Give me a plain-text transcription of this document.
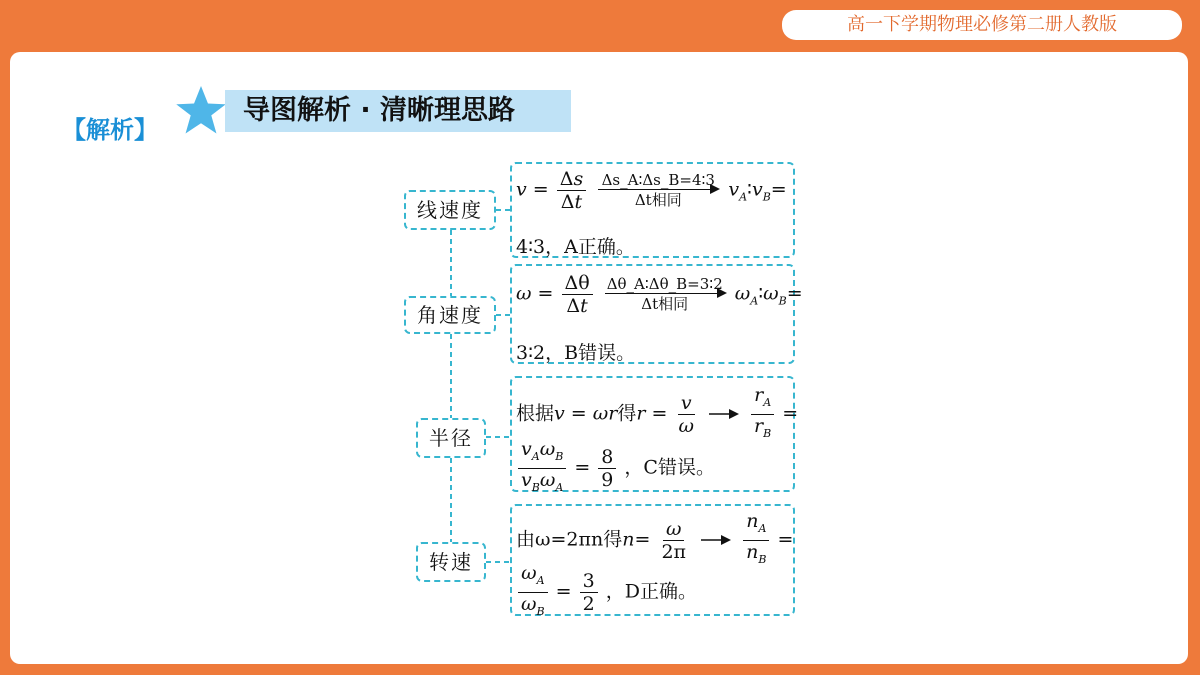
高一下学期物理必修第二册人教版
【解析】
导图解析 · 清晰理思路
线速度
角速度
半径
转速
$v = \frac{\Delta s}{\Delta t}$
Δs_A∶Δs_B=4∶3
Δt相同 $v_A∶v_B=$
4∶3，A正确。
$\omega = \frac{\Delta\theta}{\Delta t}$
Δθ_A∶Δθ_B=3∶2
Δt相同 $\omega_A∶\omega_B=$
3∶2，B错误。
根据v = ωr得$r = \frac{v}{\omega}$
	$\frac{r_A}{r_B}$ =
$\frac{v_A\omega_B}{v_B\omega_A} = \frac{8}{9}$ ，C错误。
由ω=2πn得$n= \frac{\omega}{2\pi}$
	$\frac{n_A}{n_B}$ =
$\frac{\omega_A}{\omega_B} = \frac{3}{2}$ ，D正确。
